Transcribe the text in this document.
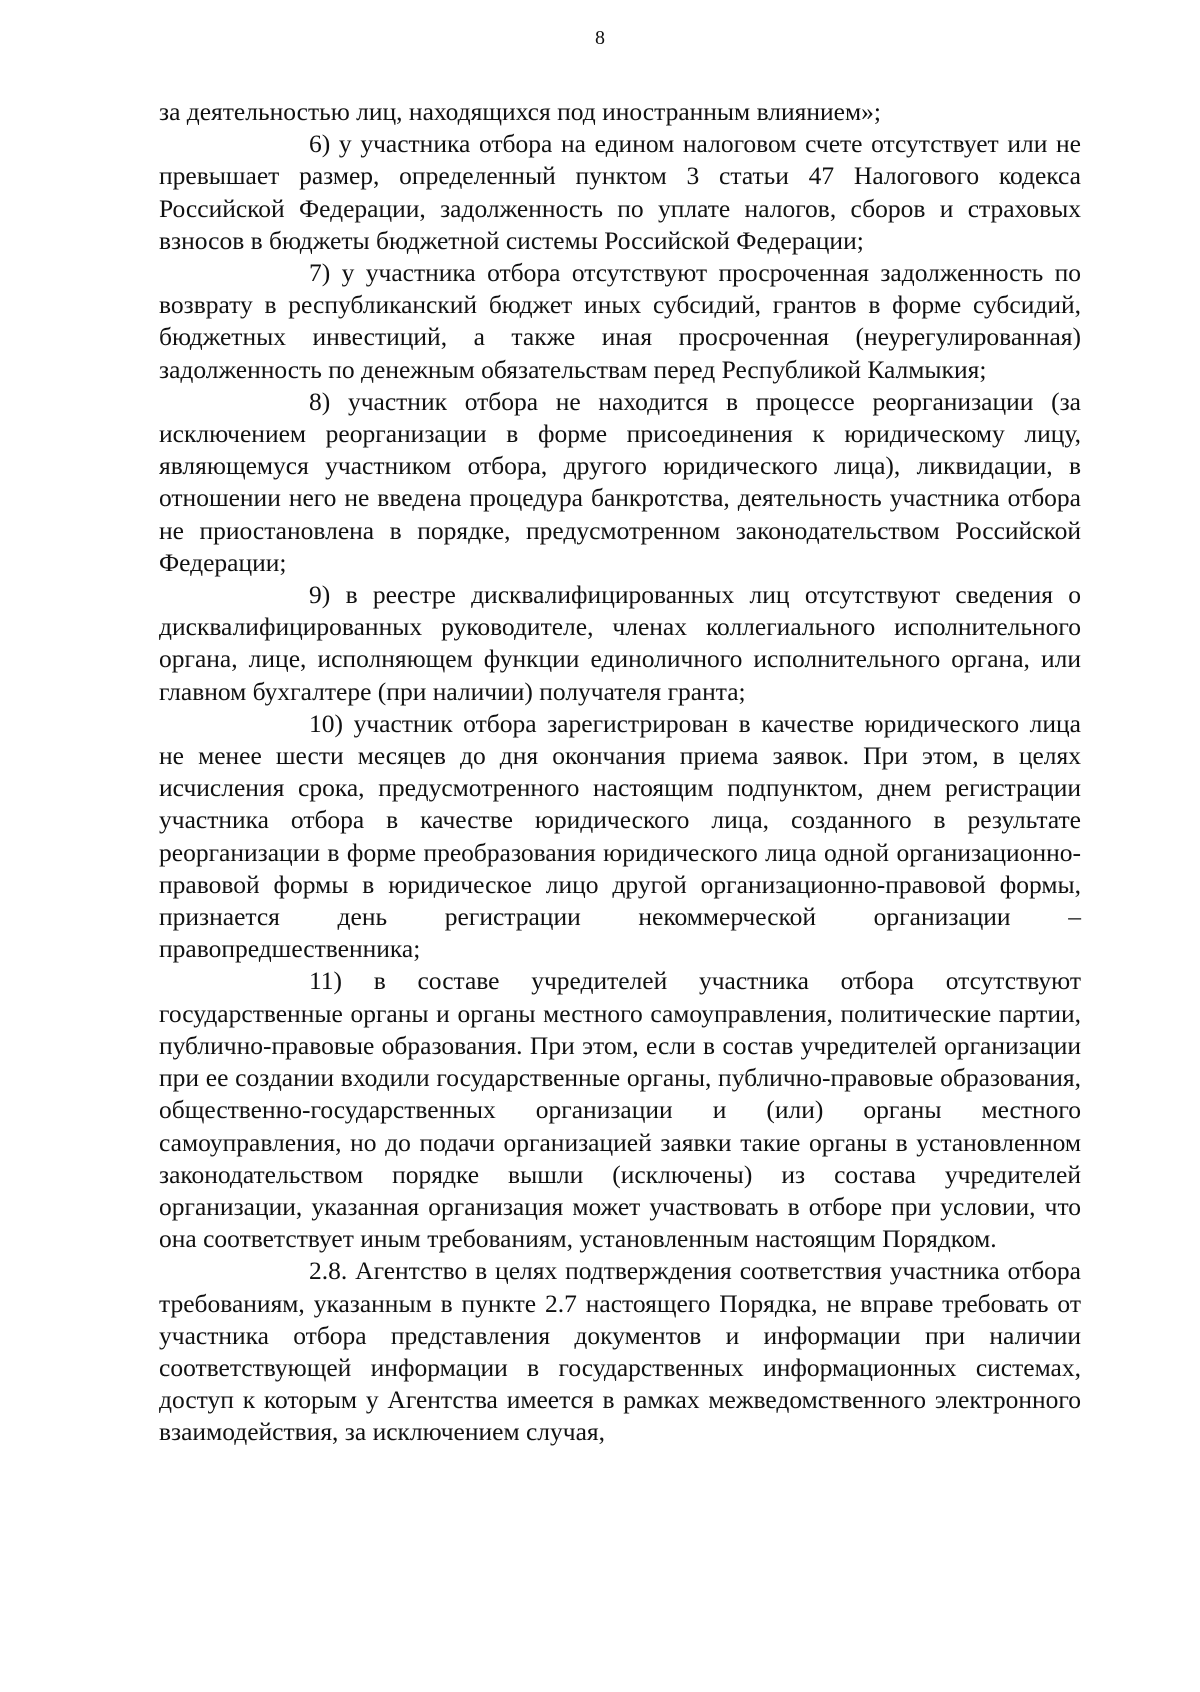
8

за деятельностью лиц, находящихся под иностранным влиянием»;

6) у участника отбора на едином налоговом счете отсутствует или не превышает размер, определенный пунктом 3 статьи 47 Налогового кодекса Российской Федерации, задолженность по уплате налогов, сборов и страховых взносов в бюджеты бюджетной системы Российской Федерации;

7) у участника отбора отсутствуют просроченная задолженность по возврату в республиканский бюджет иных субсидий, грантов в форме субсидий, бюджетных инвестиций, а также иная просроченная (неурегулированная) задолженность по денежным обязательствам перед Республикой Калмыкия;

8) участник отбора не находится в процессе реорганизации (за исключением реорганизации в форме присоединения к юридическому лицу, являющемуся участником отбора, другого юридического лица), ликвидации, в отношении него не введена процедура банкротства, деятельность участника отбора не приостановлена в порядке, предусмотренном законодательством Российской Федерации;

9) в реестре дисквалифицированных лиц отсутствуют сведения о дисквалифицированных руководителе, членах коллегиального исполнительного органа, лице, исполняющем функции единоличного исполнительного органа, или главном бухгалтере (при наличии) получателя гранта;

10) участник отбора зарегистрирован в качестве юридического лица не менее шести месяцев до дня окончания приема заявок. При этом, в целях исчисления срока, предусмотренного настоящим подпунктом, днем регистрации участника отбора в качестве юридического лица, созданного в результате реорганизации в форме преобразования юридического лица одной организационно-правовой формы в юридическое лицо другой организационно-правовой формы, признается день регистрации некоммерческой организации – правопредшественника;

11) в составе учредителей участника отбора отсутствуют государственные органы и органы местного самоуправления, политические партии, публично-правовые образования. При этом, если в состав учредителей организации при ее создании входили государственные органы, публично-правовые образования, общественно-государственных организации и (или) органы местного самоуправления, но до подачи организацией заявки такие органы в установленном законодательством порядке вышли (исключены) из состава учредителей организации, указанная организация может участвовать в отборе при условии, что она соответствует иным требованиям, установленным настоящим Порядком.

2.8. Агентство в целях подтверждения соответствия участника отбора требованиям, указанным в пункте 2.7 настоящего Порядка, не вправе требовать от участника отбора представления документов и информации при наличии соответствующей информации в государственных информационных системах, доступ к которым у Агентства имеется в рамках межведомственного электронного взаимодействия, за исключением случая,
